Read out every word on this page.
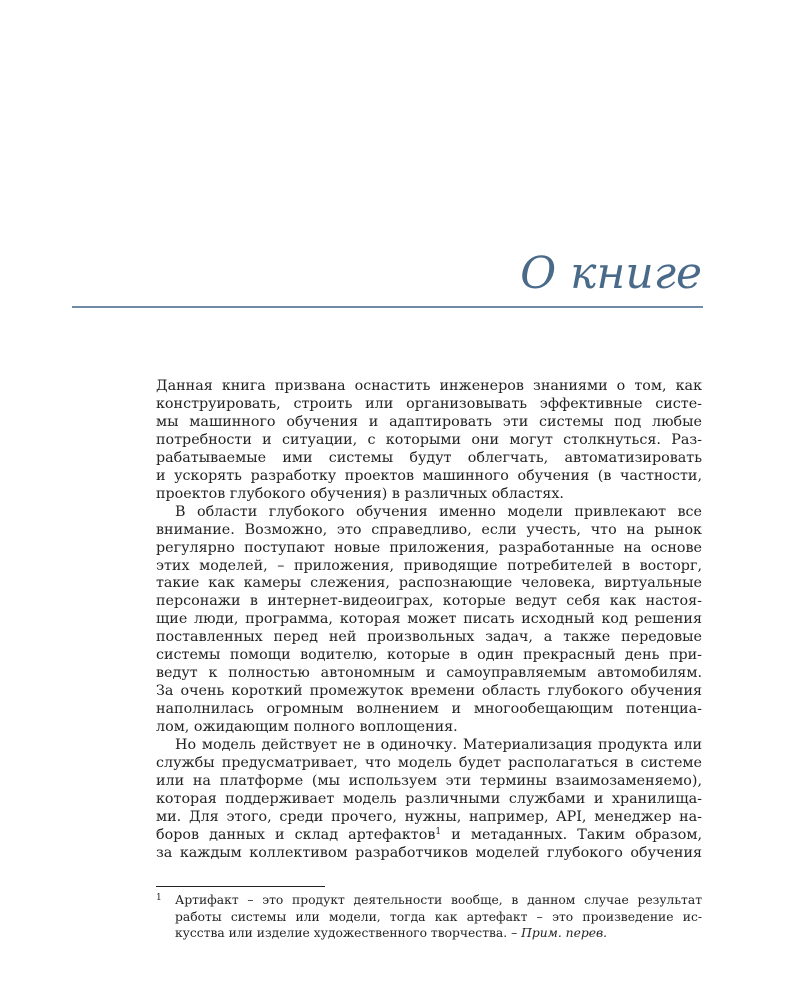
О книге

Данная книга призвана оснастить инженеров знаниями о том, как

конструировать, строить или организовывать эффективные систе-

мы машинного обучения и адаптировать эти системы под любые

потребности и ситуации, с которыми они могут столкнуться. Раз-

рабатываемые ими системы будут облегчать, автоматизировать

и ускорять разработку проектов машинного обучения (в частности,

проектов глубокого обучения) в различных областях.

В области глубокого обучения именно модели привлекают все

внимание. Возможно, это справедливо, если учесть, что на рынок

регулярно поступают новые приложения, разработанные на основе

этих моделей, – приложения, приводящие потребителей в восторг,

такие как камеры слежения, распознающие человека, виртуальные

персонажи в интернет-видеоиграх, которые ведут себя как настоя-

щие люди, программа, которая может писать исходный код решения

поставленных перед ней произвольных задач, а также передовые

системы помощи водителю, которые в один прекрасный день при-

ведут к полностью автономным и самоуправляемым автомобилям.

За очень короткий промежуток времени область глубокого обучения

наполнилась огромным волнением и многообещающим потенциа-

лом, ожидающим полного воплощения.

Но модель действует не в одиночку. Материализация продукта или

службы предусматривает, что модель будет располагаться в системе

или на платформе (мы используем эти термины взаимозаменяемо),

которая поддерживает модель различными службами и хранилища-

ми. Для этого, среди прочего, нужны, например, API, менеджер на-

боров данных и склад артефактов$^1$ и метаданных. Таким образом,

за каждым коллективом разработчиков моделей глубокого обучения

1 Артифакт – это продукт деятельности вообще, в данном случае результат

работы системы или модели, тогда как артефакт – это произведение ис-

кусства или изделие художественного творчества. – Прим. перев.
